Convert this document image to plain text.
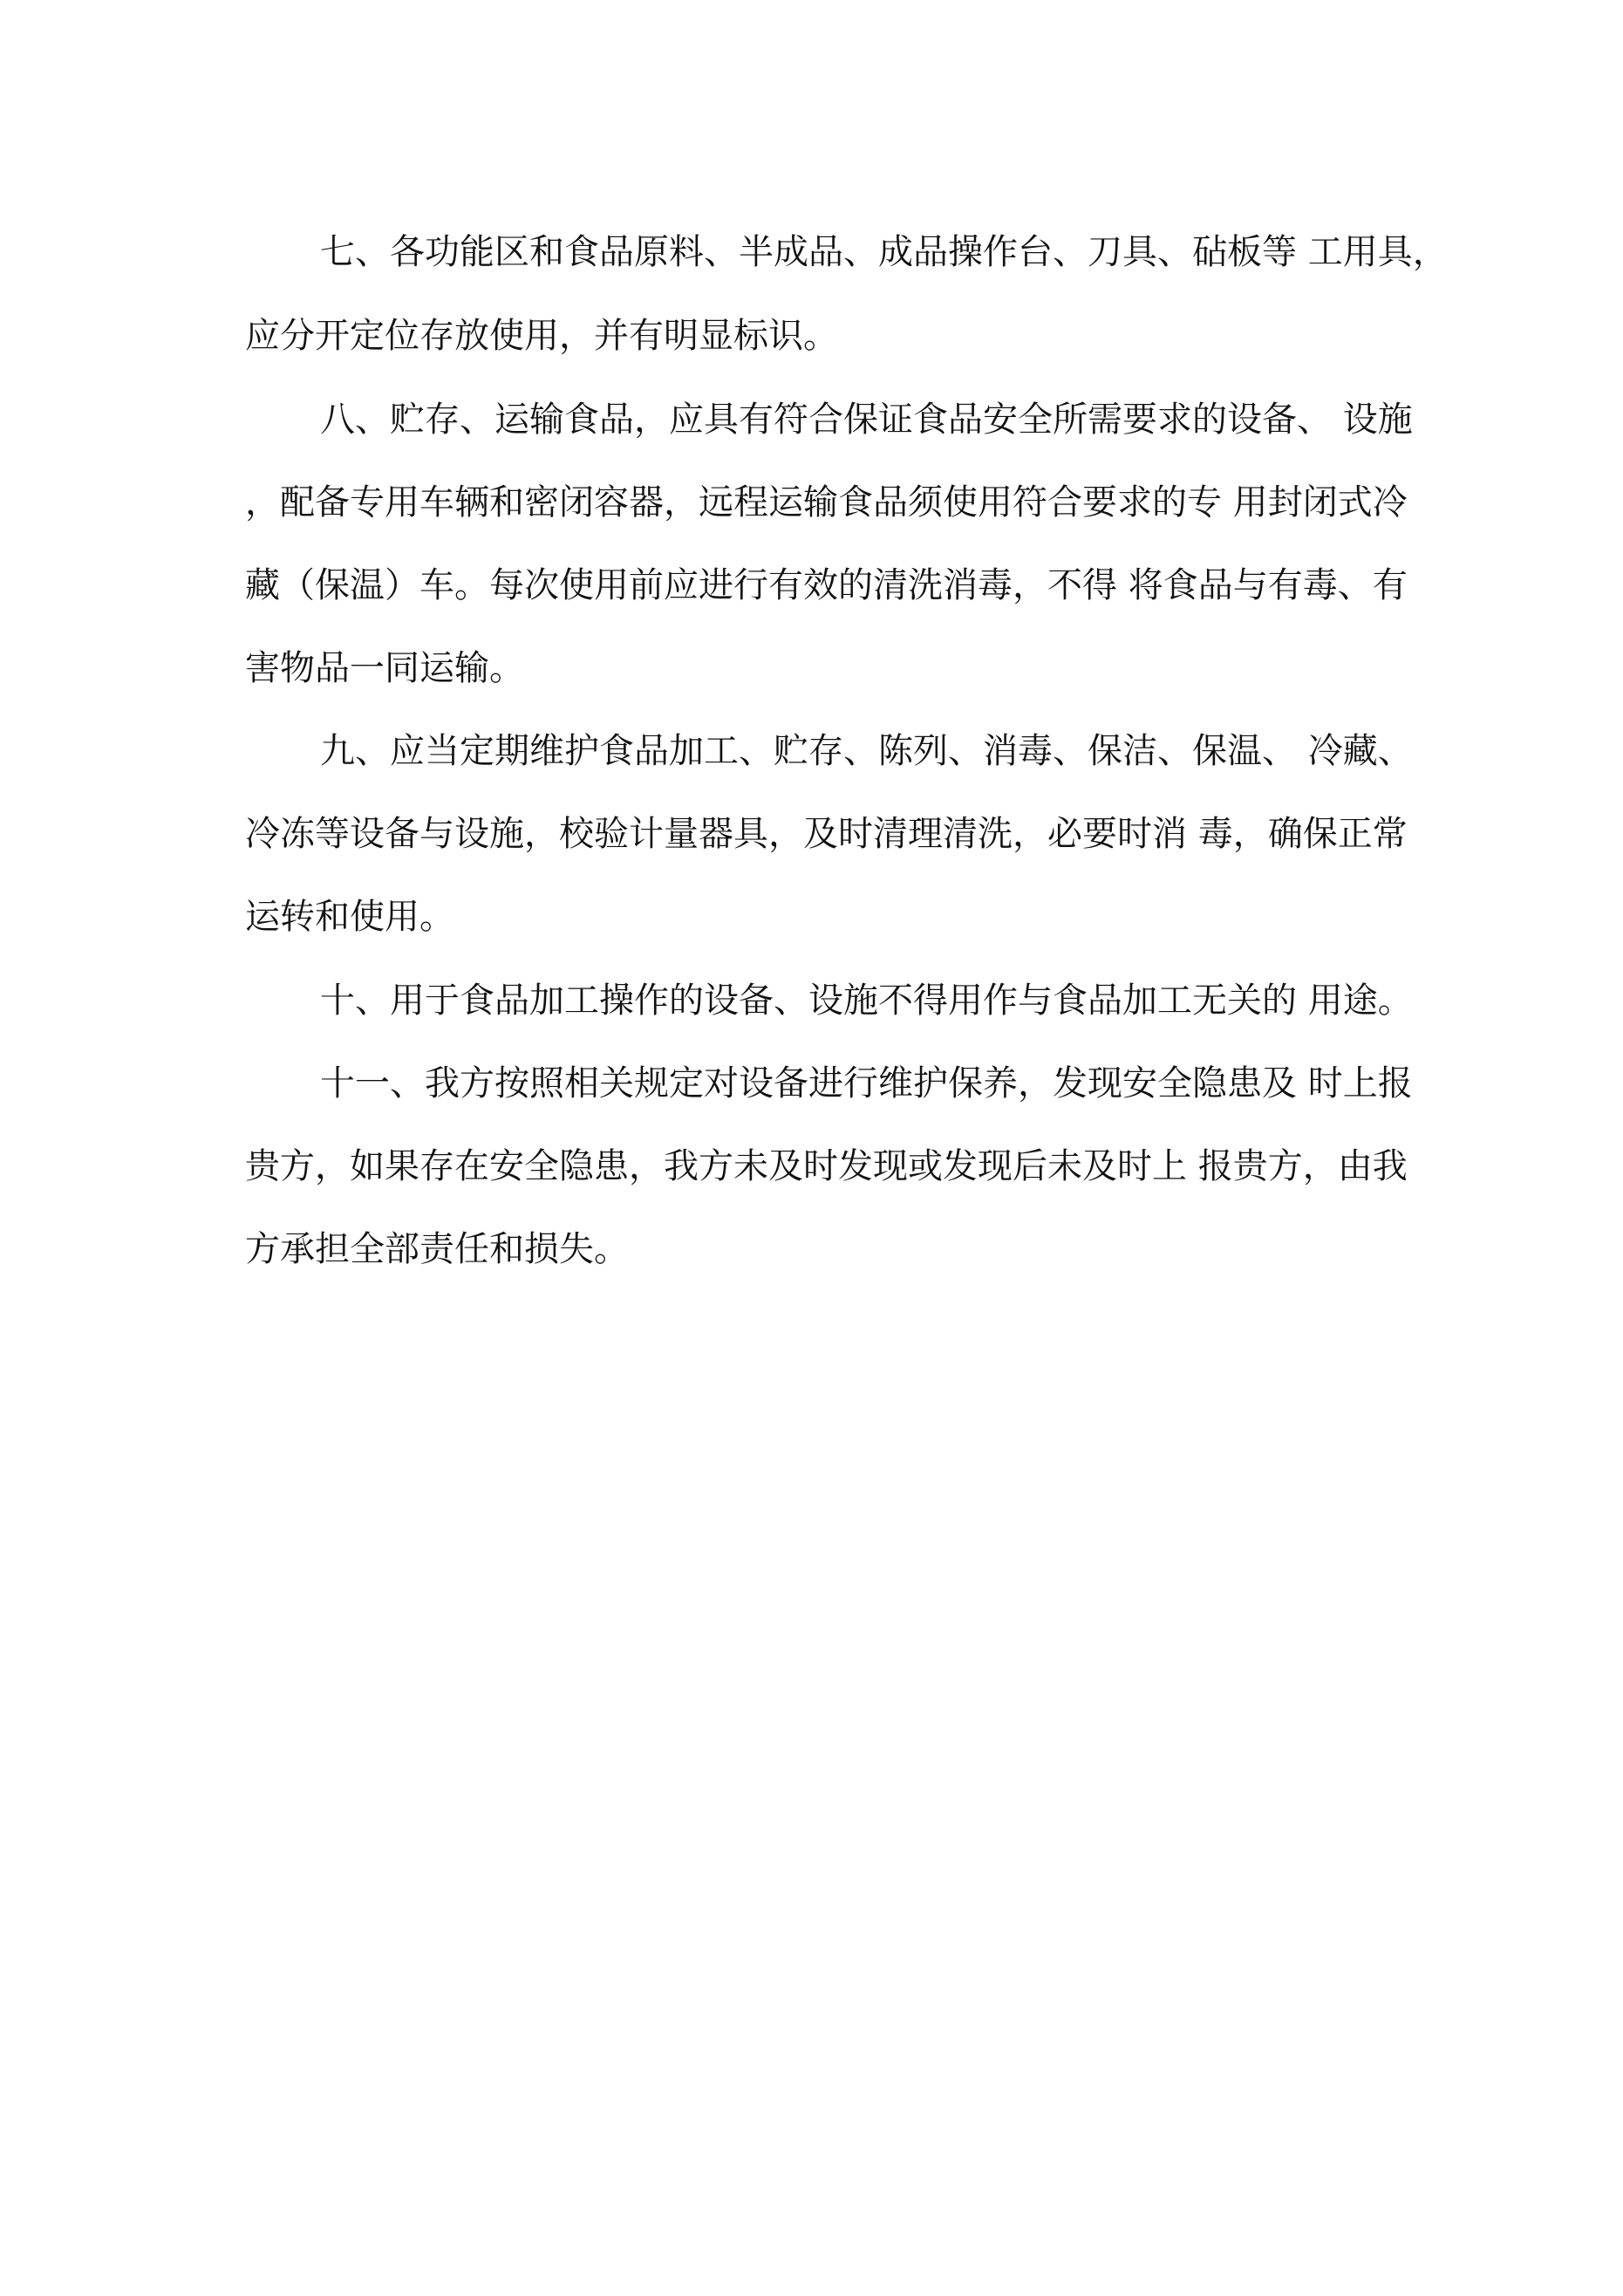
七、各功能区和食品原料、半成品、成品操作台、刀具、砧板等 工用具，
应分开定位存放使用，并有明显标识。
八、贮存、运输食品，应具有符合保证食品安全所需要求的设备、 设施
，配备专用车辆和密闭容器，远程运输食品须使用符合要求的专 用封闭式冷
藏（保温）车。每次使用前应进行有效的清洗消毒，不得 将食品与有毒、有
害物品一同运输。
九、应当定期维护食品加工、贮存、陈列、消毒、保洁、保温、 冷藏、
冷冻等设备与设施，校验计量器具，及时清理清洗，必要时消 毒，确保正常
运转和使用。
十、用于食品加工操作的设备、设施不得用作与食品加工无关的 用途。
十一、我方按照相关规定对设备进行维护保养，发现安全隐患及 时上报
贵方，如果存在安全隐患，我方未及时发现或发现后未及时上 报贵方，由我
方承担全部责任和损失。
